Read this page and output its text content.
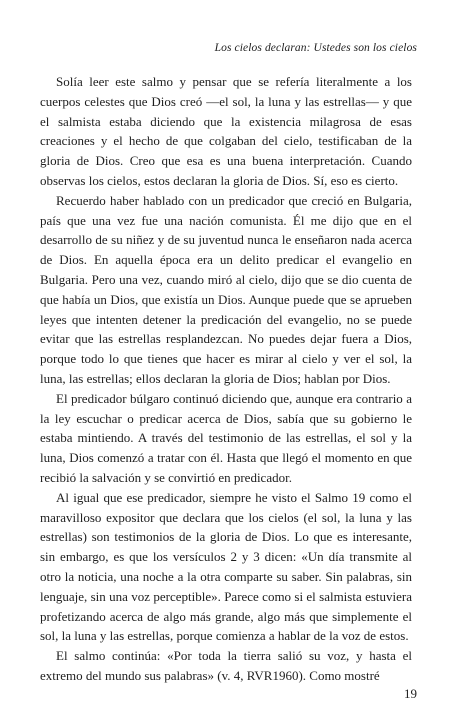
Los cielos declaran: Ustedes son los cielos

Solía leer este salmo y pensar que se refería literalmente a los cuerpos celestes que Dios creó —el sol, la luna y las estrellas— y que el salmista estaba diciendo que la existencia milagrosa de esas creaciones y el hecho de que colgaban del cielo, testificaban de la gloria de Dios. Creo que esa es una buena interpretación. Cuando observas los cielos, estos declaran la gloria de Dios. Sí, eso es cierto.

Recuerdo haber hablado con un predicador que creció en Bulgaria, país que una vez fue una nación comunista. Él me dijo que en el desarrollo de su niñez y de su juventud nunca le enseñaron nada acerca de Dios. En aquella época era un delito predicar el evangelio en Bulgaria. Pero una vez, cuando miró al cielo, dijo que se dio cuenta de que había un Dios, que existía un Dios. Aunque puede que se aprueben leyes que intenten detener la predicación del evangelio, no se puede evitar que las estrellas resplandezcan. No puedes dejar fuera a Dios, porque todo lo que tienes que hacer es mirar al cielo y ver el sol, la luna, las estrellas; ellos declaran la gloria de Dios; hablan por Dios.

El predicador búlgaro continuó diciendo que, aunque era contrario a la ley escuchar o predicar acerca de Dios, sabía que su gobierno le estaba mintiendo. A través del testimonio de las estrellas, el sol y la luna, Dios comenzó a tratar con él. Hasta que llegó el momento en que recibió la salvación y se convirtió en predicador.

Al igual que ese predicador, siempre he visto el Salmo 19 como el maravilloso expositor que declara que los cielos (el sol, la luna y las estrellas) son testimonios de la gloria de Dios. Lo que es interesante, sin embargo, es que los versículos 2 y 3 dicen: «Un día transmite al otro la noticia, una noche a la otra comparte su saber. Sin palabras, sin lenguaje, sin una voz perceptible». Parece como si el salmista estuviera profetizando acerca de algo más grande, algo más que simplemente el sol, la luna y las estrellas, porque comienza a hablar de la voz de estos.

El salmo continúa: «Por toda la tierra salió su voz, y hasta el extremo del mundo sus palabras» (v. 4, RVR1960). Como mostré

19
